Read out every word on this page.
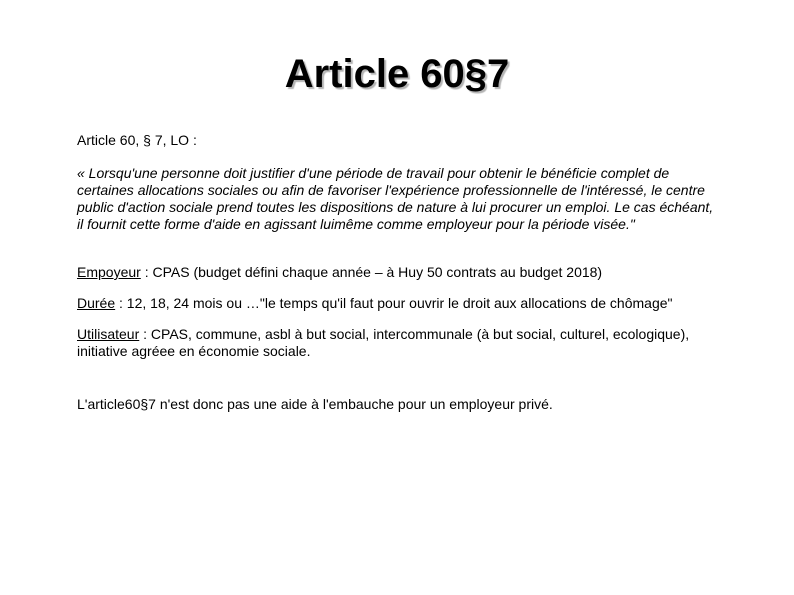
Article 60§7

Article 60, § 7, LO :

« Lorsqu'une personne doit justifier d'une période de travail pour obtenir le bénéficie complet de certaines allocations sociales ou afin de favoriser l'expérience professionnelle de l'intéressé, le centre public d'action sociale prend toutes les dispositions de nature à lui procurer un emploi. Le cas échéant, il fournit cette forme d'aide en agissant luimême comme employeur pour la période visée."

Empoyeur : CPAS (budget défini chaque année – à Huy 50 contrats au budget 2018)

Durée : 12, 18, 24 mois ou …"le temps qu'il faut pour ouvrir le droit aux allocations de chômage"

Utilisateur : CPAS, commune, asbl à but social, intercommunale (à but social, culturel, ecologique), initiative agréee en économie sociale.

L'article60§7 n'est donc pas une aide à l'embauche pour un employeur privé.
